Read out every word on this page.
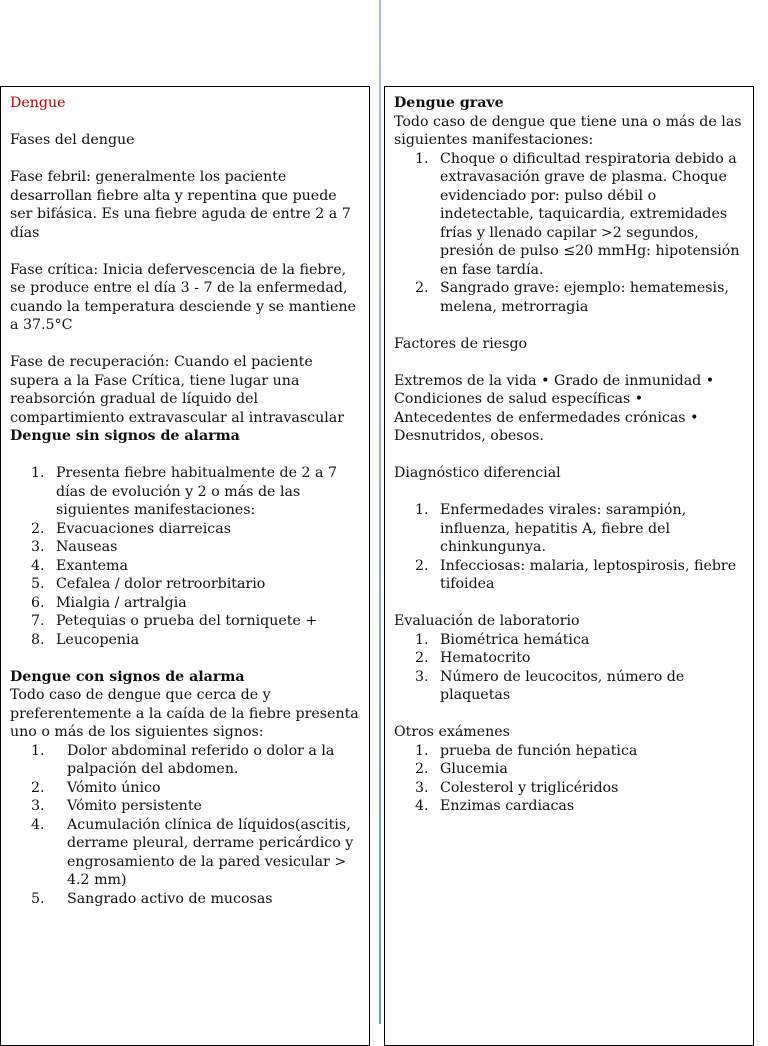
Dengue

Fases del dengue

Fase febril: generalmente los paciente desarrollan fiebre alta y repentina que puede ser bifásica. Es una fiebre aguda de entre 2 a 7 días

Fase crítica: Inicia defervescencia de la fiebre, se produce entre el día 3 - 7 de la enfermedad, cuando la temperatura desciende y se mantiene a 37.5°C

Fase de recuperación: Cuando el paciente supera a la Fase Crítica, tiene lugar una reabsorción gradual de líquido del compartimiento extravascular al intravascular

Dengue sin signos de alarma

1. Presenta fiebre habitualmente de 2 a 7 días de evolución y 2 o más de las siguientes manifestaciones:
2. Evacuaciones diarreicas
3. Nauseas
4. Exantema
5. Cefalea / dolor retroorbitario
6. Mialgia / artralgia
7. Petequias o prueba del torniquete +
8. Leucopenia

Dengue con signos de alarma

Todo caso de dengue que cerca de y preferentemente a la caída de la fiebre presenta uno o más de los siguientes signos:

1. Dolor abdominal referido o dolor a la palpación del abdomen.
2. Vómito único
3. Vómito persistente
4. Acumulación clínica de líquidos(ascitis, derrame pleural, derrame pericárdico y engrosamiento de la pared vesicular > 4.2 mm)
5. Sangrado activo de mucosas

Dengue grave

Todo caso de dengue que tiene una o más de las siguientes manifestaciones:

1. Choque o dificultad respiratoria debido a extravasación grave de plasma. Choque evidenciado por: pulso débil o indetectable, taquicardia, extremidades frías y llenado capilar >2 segundos, presión de pulso ≤20 mmHg: hipotensión en fase tardía.
2. Sangrado grave: ejemplo: hematemesis, melena, metrorragia

Factores de riesgo

Extremos de la vida • Grado de inmunidad • Condiciones de salud específicas • Antecedentes de enfermedades crónicas • Desnutridos, obesos.

Diagnóstico diferencial

1. Enfermedades virales: sarampión, influenza, hepatitis A, fiebre del chinkungunya.
2. Infecciosas: malaria, leptospirosis, fiebre tifoidea

Evaluación de laboratorio

1. Biométrica hemática
2. Hematocrito
3. Número de leucocitos, número de plaquetas

Otros exámenes

1. prueba de función hepatica
2. Glucemia
3. Colesterol y triglicéridos
4. Enzimas cardiacas
